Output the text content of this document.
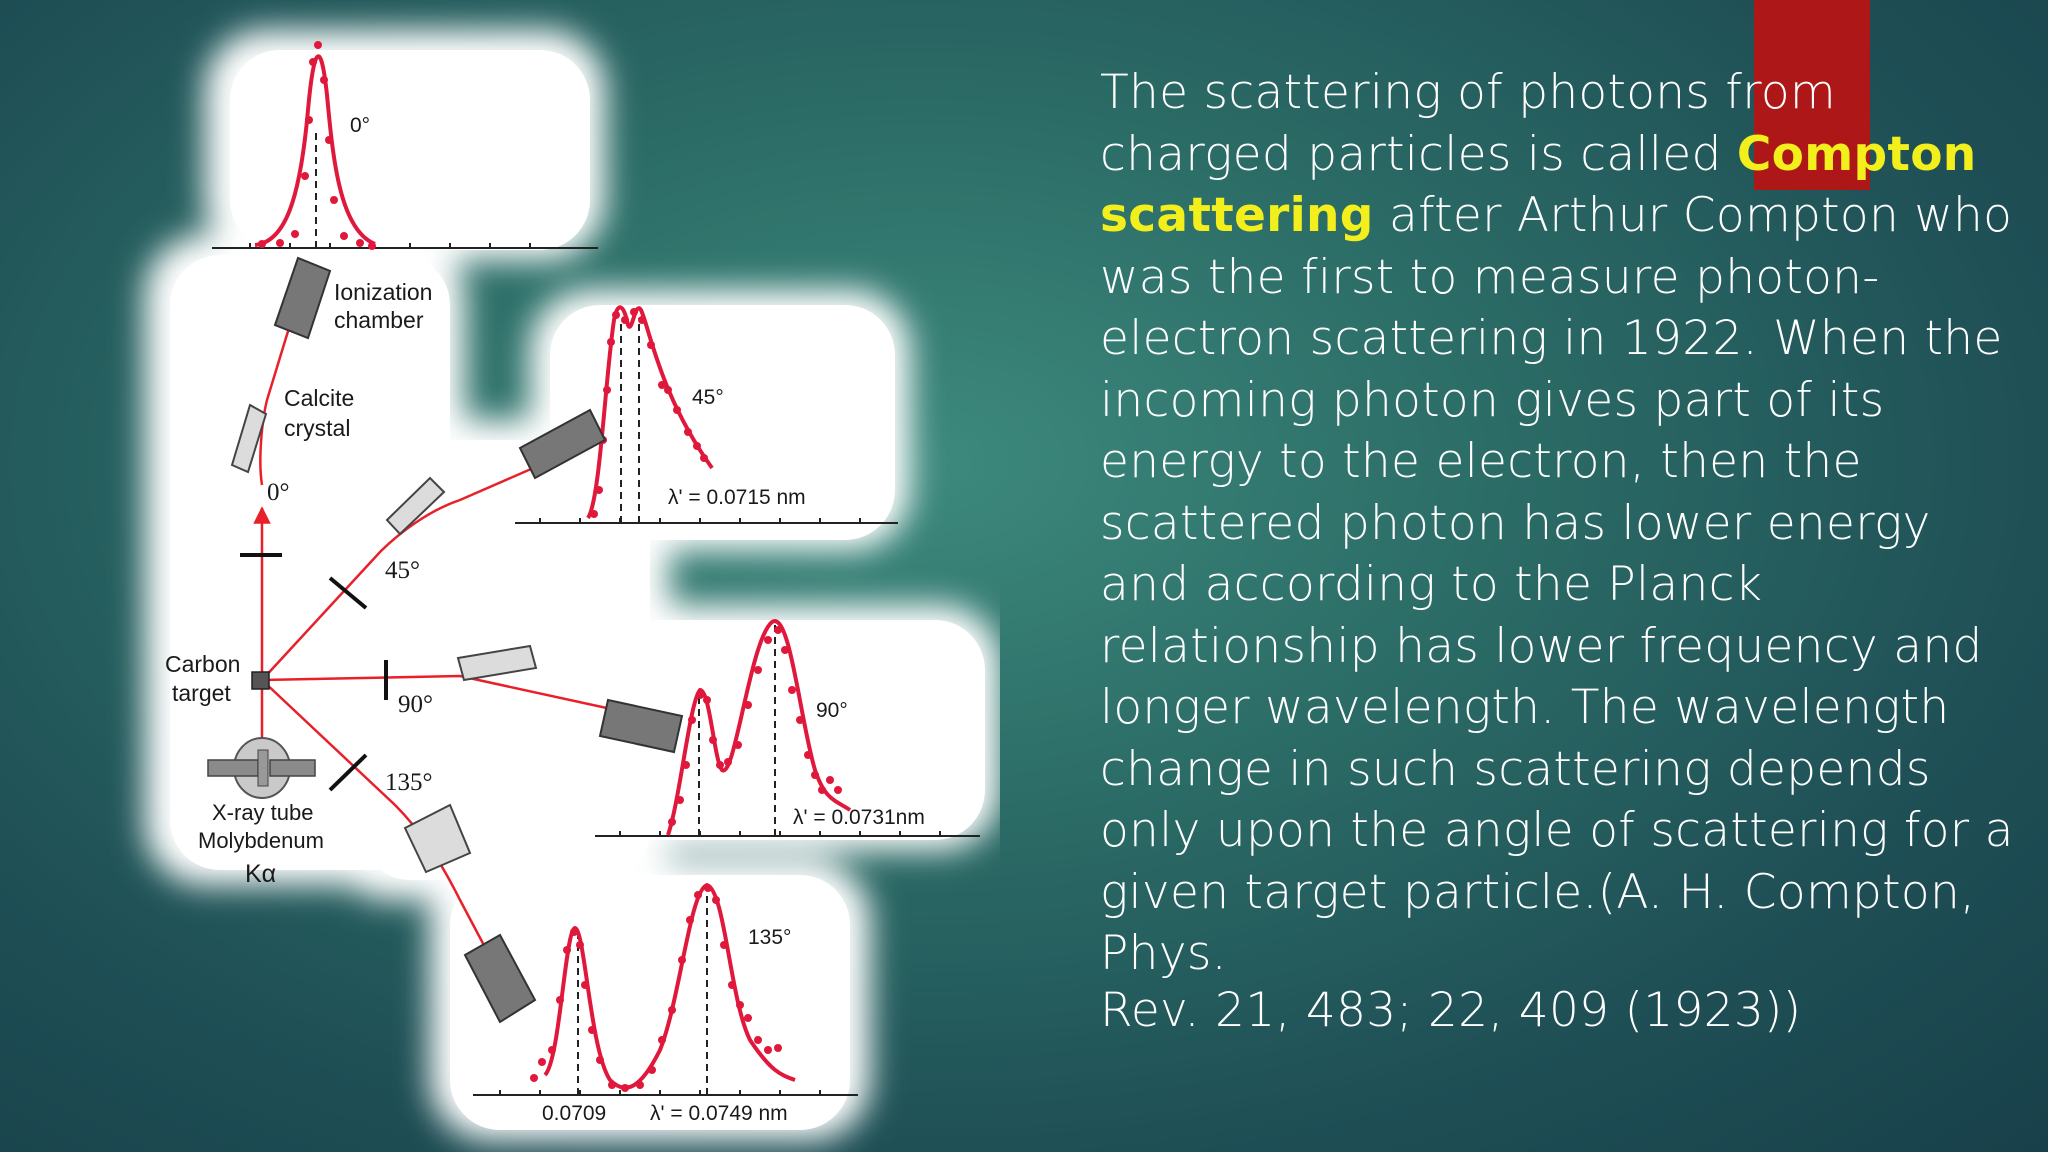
0°
45°
λ' = 0.0715 nm
90°
λ' = 0.0731nm
135°
0.0709 λ' = 0.0749 nm
Ionization
chamber
Calcite
crystal
Carbon
target
X-ray tube
Molybdenum
Kα
0°
45°
90°
135°
The scattering of photons from charged particles is called Compton scattering after Arthur Compton who was the first to measure photon-electron scattering in 1922. When the incoming photon gives part of its energy to the electron, then the scattered photon has lower energy and according to the Planck relationship has lower frequency and longer wavelength. The wavelength change in such scattering depends only upon the angle of scattering for a given target particle.(A. H. Compton, Phys.
Rev. 21, 483; 22, 409 (1923))
